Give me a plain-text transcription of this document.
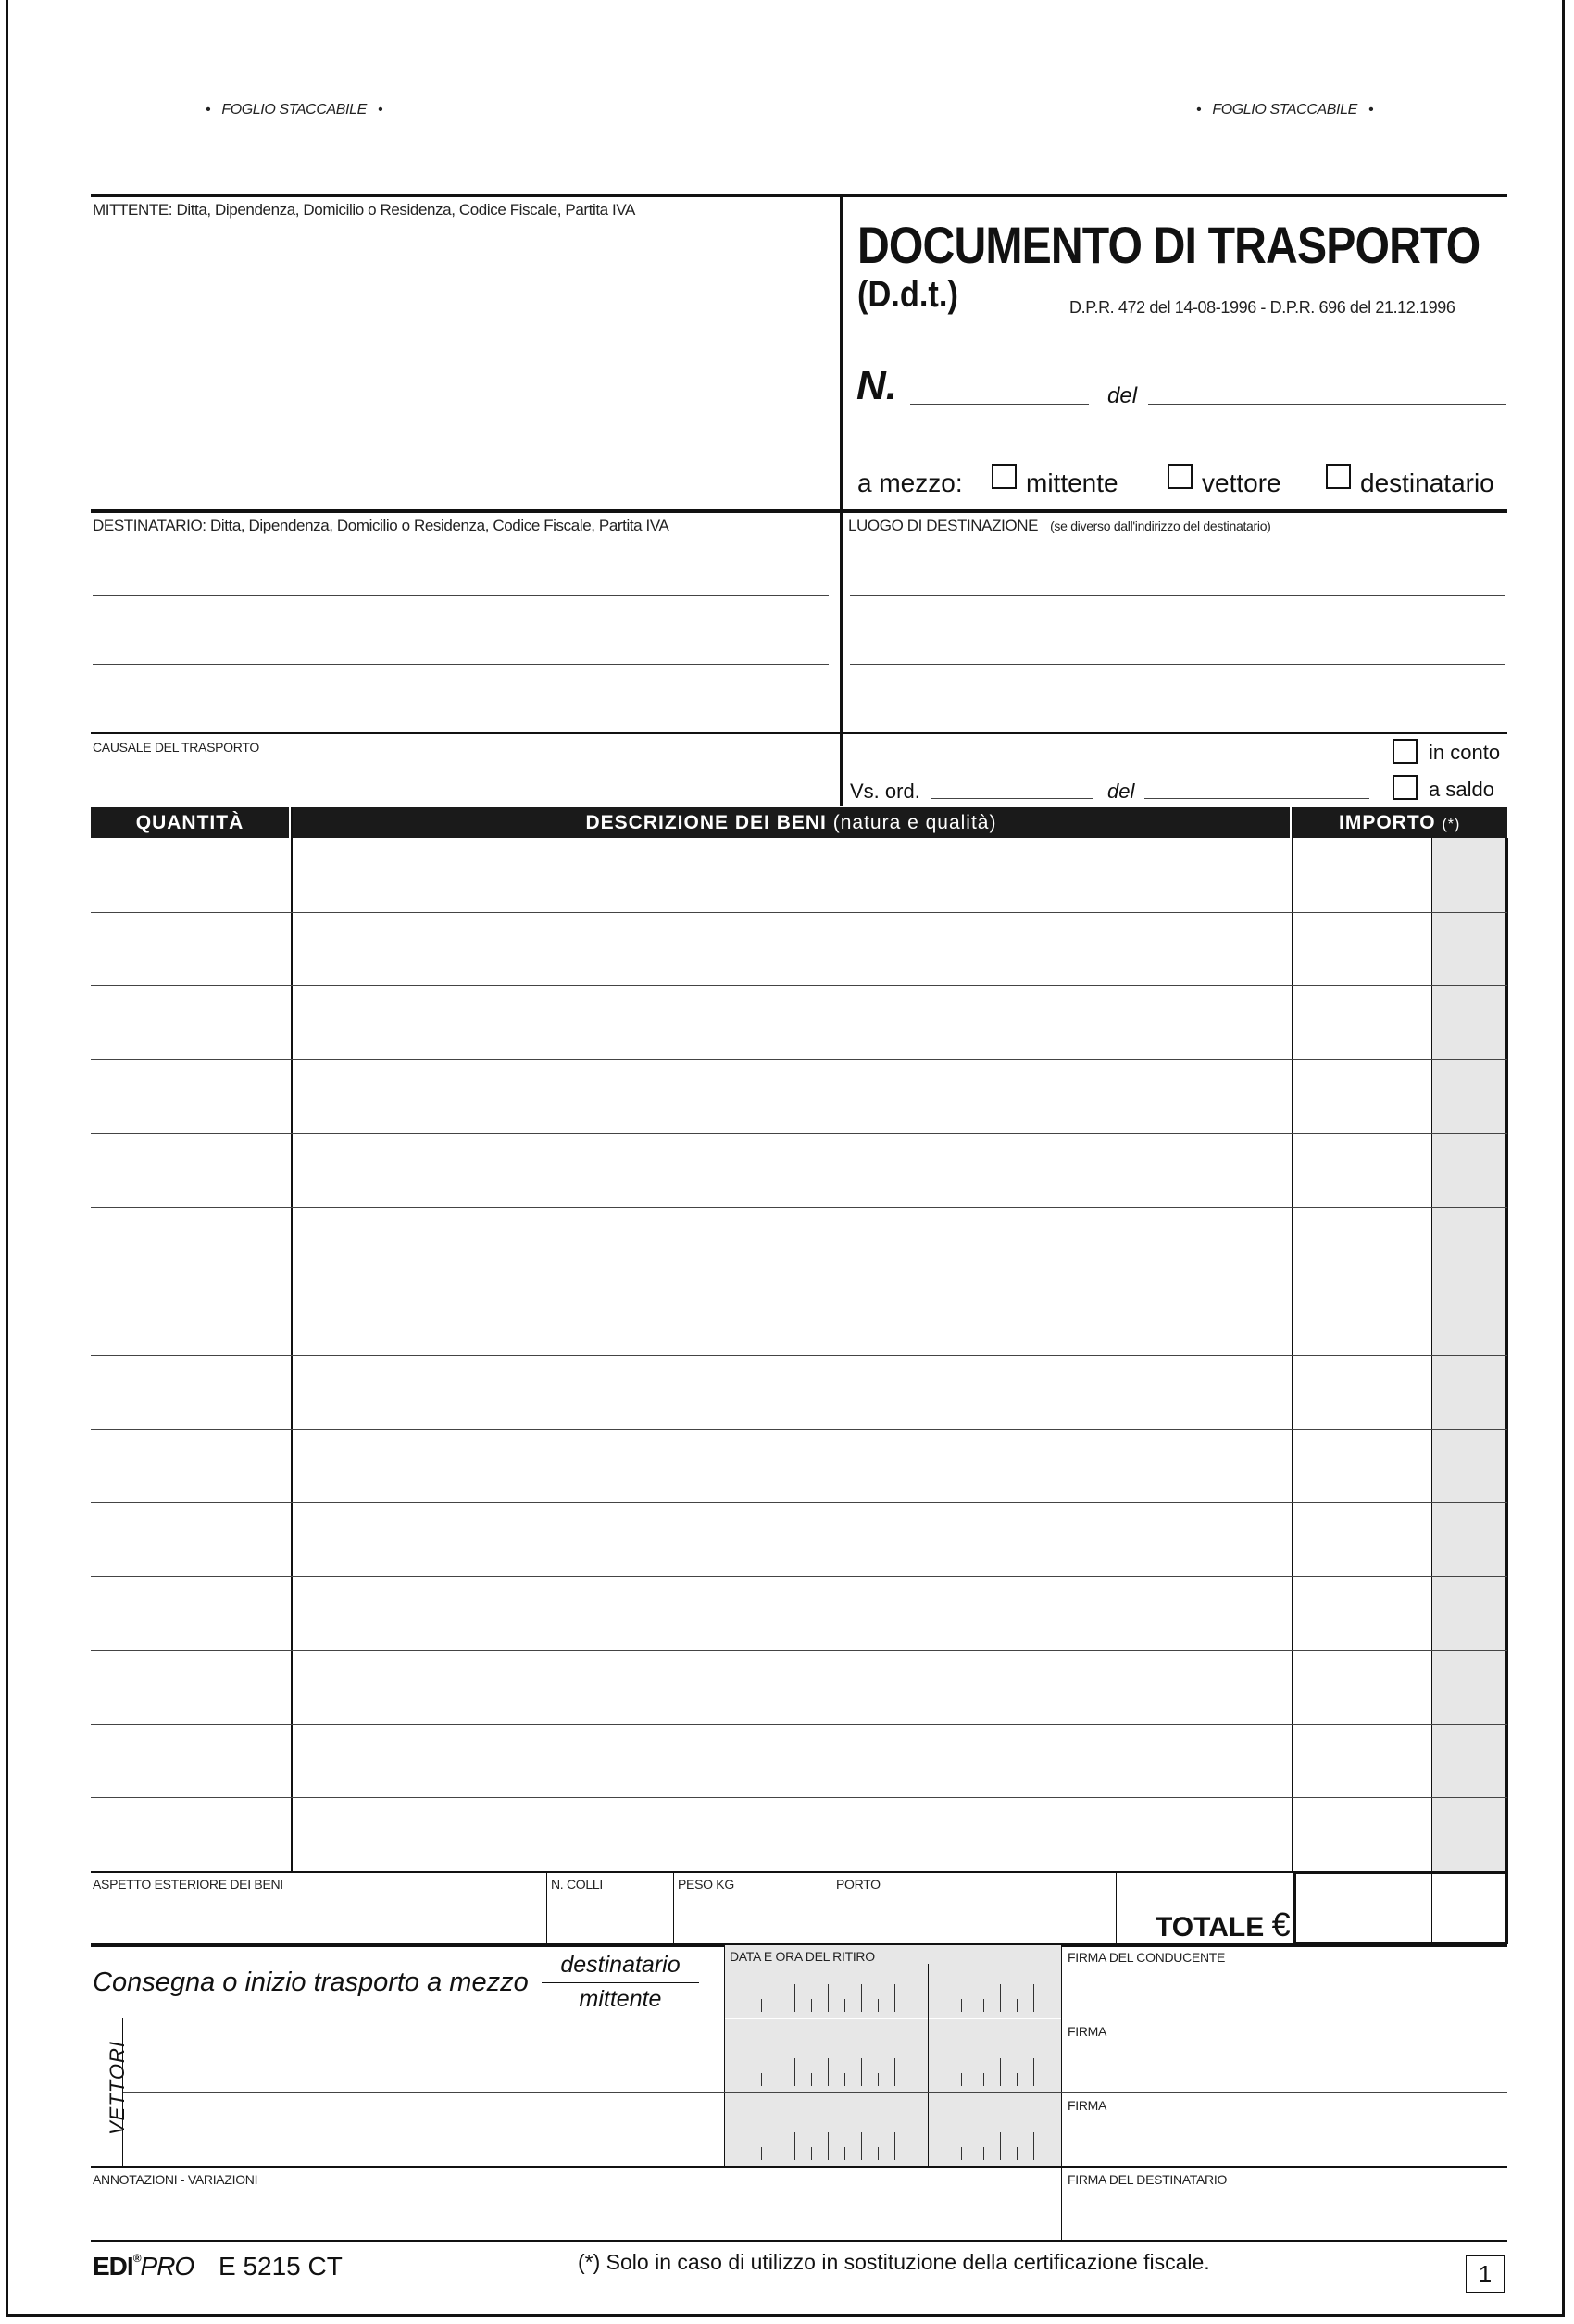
• FOGLIO STACCABILE •	• FOGLIO STACCABILE •
MITTENTE: Ditta, Dipendenza, Domicilio o Residenza, Codice Fiscale, Partita IVA
DOCUMENTO DI TRASPORTO
(D.d.t.)	D.P.R. 472 del 14-08-1996 - D.P.R. 696 del 21.12.1996
N.	del
a mezzo: mittente	vettore	destinatario
DESTINATARIO: Ditta, Dipendenza, Domicilio o Residenza, Codice Fiscale, Partita IVA	LUOGO DI DESTINAZIONE (se diverso dall'indirizzo del destinatario)
CAUSALE DEL TRASPORTO
Vs. ord.	del
in conto
a saldo
QUANTITÀ	DESCRIZIONE DEI BENI (natura e qualità)	IMPORTO (*)
ASPETTO ESTERIORE DEI BENI	N. COLLI	PESO KG	PORTO
TOTALE €
Consegna o inizio trasporto a mezzo
destinatario
mittente
DATA E ORA DEL RITIRO	FIRMA DEL CONDUCENTE
VETTORI
FIRMA
FIRMA
ANNOTAZIONI - VARIAZIONI	FIRMA DEL DESTINATARIO
EDI®PRO E 5215 CT	(*) Solo in caso di utilizzo in sostituzione della certificazione fiscale.	1
